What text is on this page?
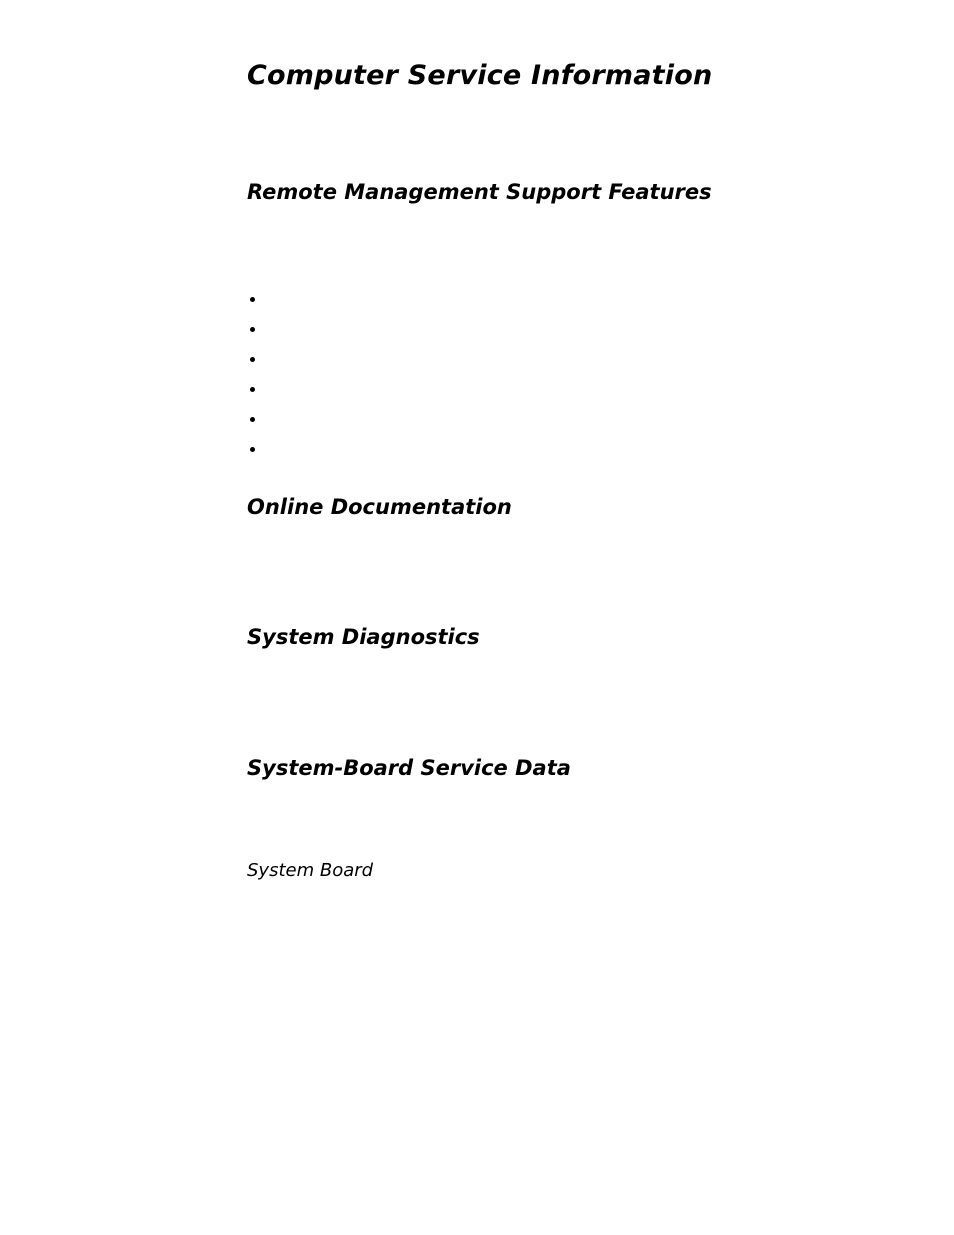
Computer Service Information
Remote Management Support Features
Online Documentation
System Diagnostics
System-Board Service Data

System Board
